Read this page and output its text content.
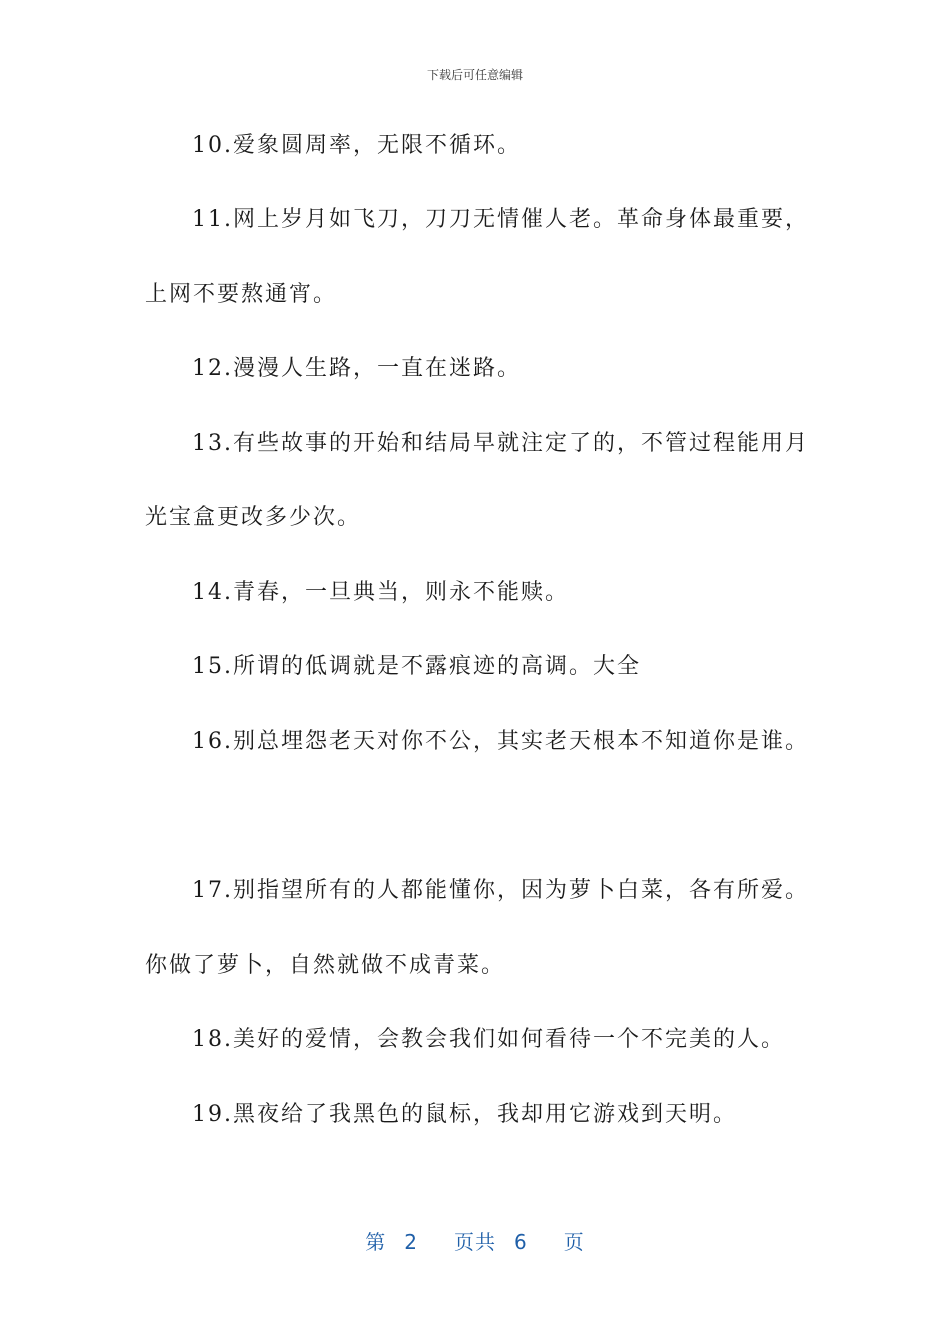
下载后可任意编辑
10.爱象圆周率，无限不循环。
11.网上岁月如飞刀，刀刀无情催人老。革命身体最重要，
上网不要熬通宵。
12.漫漫人生路，一直在迷路。
13.有些故事的开始和结局早就注定了的，不管过程能用月
光宝盒更改多少次。
14.青春，一旦典当，则永不能赎。
15.所谓的低调就是不露痕迹的高调。大全
16.别总埋怨老天对你不公，其实老天根本不知道你是谁。
17.别指望所有的人都能懂你，因为萝卜白菜，各有所爱。
你做了萝卜，自然就做不成青菜。
18.美好的爱情，会教会我们如何看待一个不完美的人。
19.黑夜给了我黑色的鼠标，我却用它游戏到天明。
第 2 页共 6 页
